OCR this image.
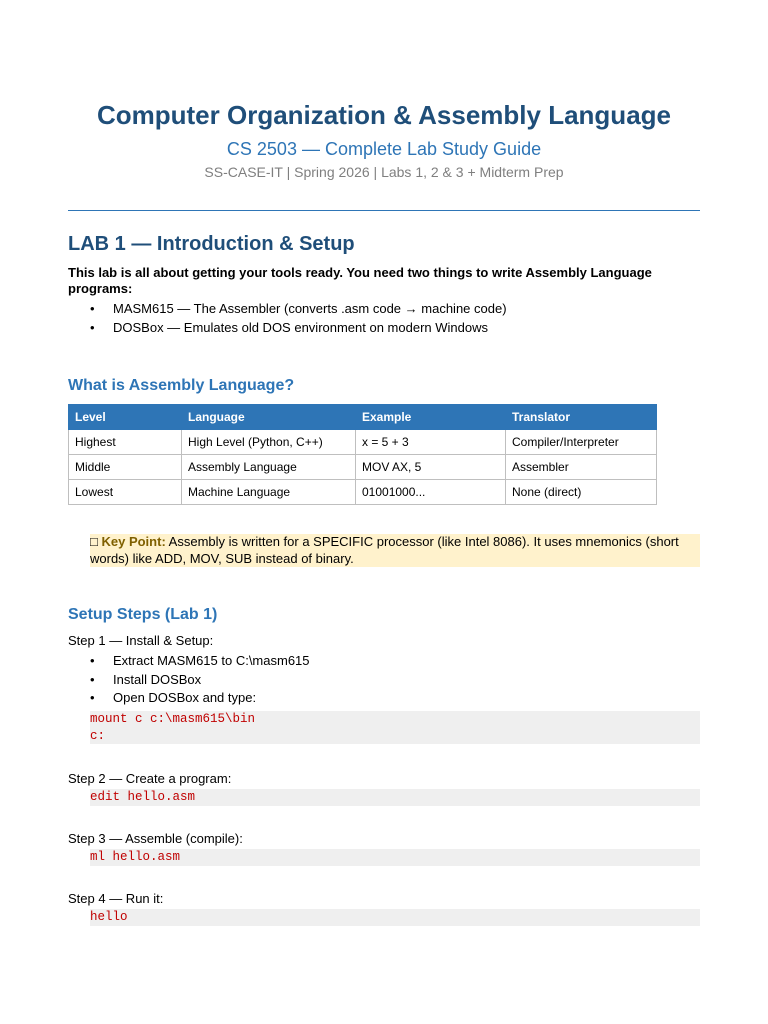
Computer Organization & Assembly Language
CS 2503 — Complete Lab Study Guide
SS-CASE-IT | Spring 2026 | Labs 1, 2 & 3 + Midterm Prep
LAB 1 — Introduction & Setup
This lab is all about getting your tools ready. You need two things to write Assembly Language programs:
• MASM615 — The Assembler (converts .asm code → machine code)
• DOSBox — Emulates old DOS environment on modern Windows
What is Assembly Language?
Level	Language	Example	Translator
Highest	High Level (Python, C++)	x = 5 + 3	Compiler/Interpreter
Middle	Assembly Language	MOV AX, 5	Assembler
Lowest	Machine Language	01001000...	None (direct)
□ Key Point: Assembly is written for a SPECIFIC processor (like Intel 8086). It uses mnemonics (short words) like ADD, MOV, SUB instead of binary.
Setup Steps (Lab 1)
Step 1 — Install & Setup:
• Extract MASM615 to C:\masm615
• Install DOSBox
• Open DOSBox and type:
mount c c:\masm615\bin
c:
Step 2 — Create a program:
edit hello.asm
Step 3 — Assemble (compile):
ml hello.asm
Step 4 — Run it:
hello
